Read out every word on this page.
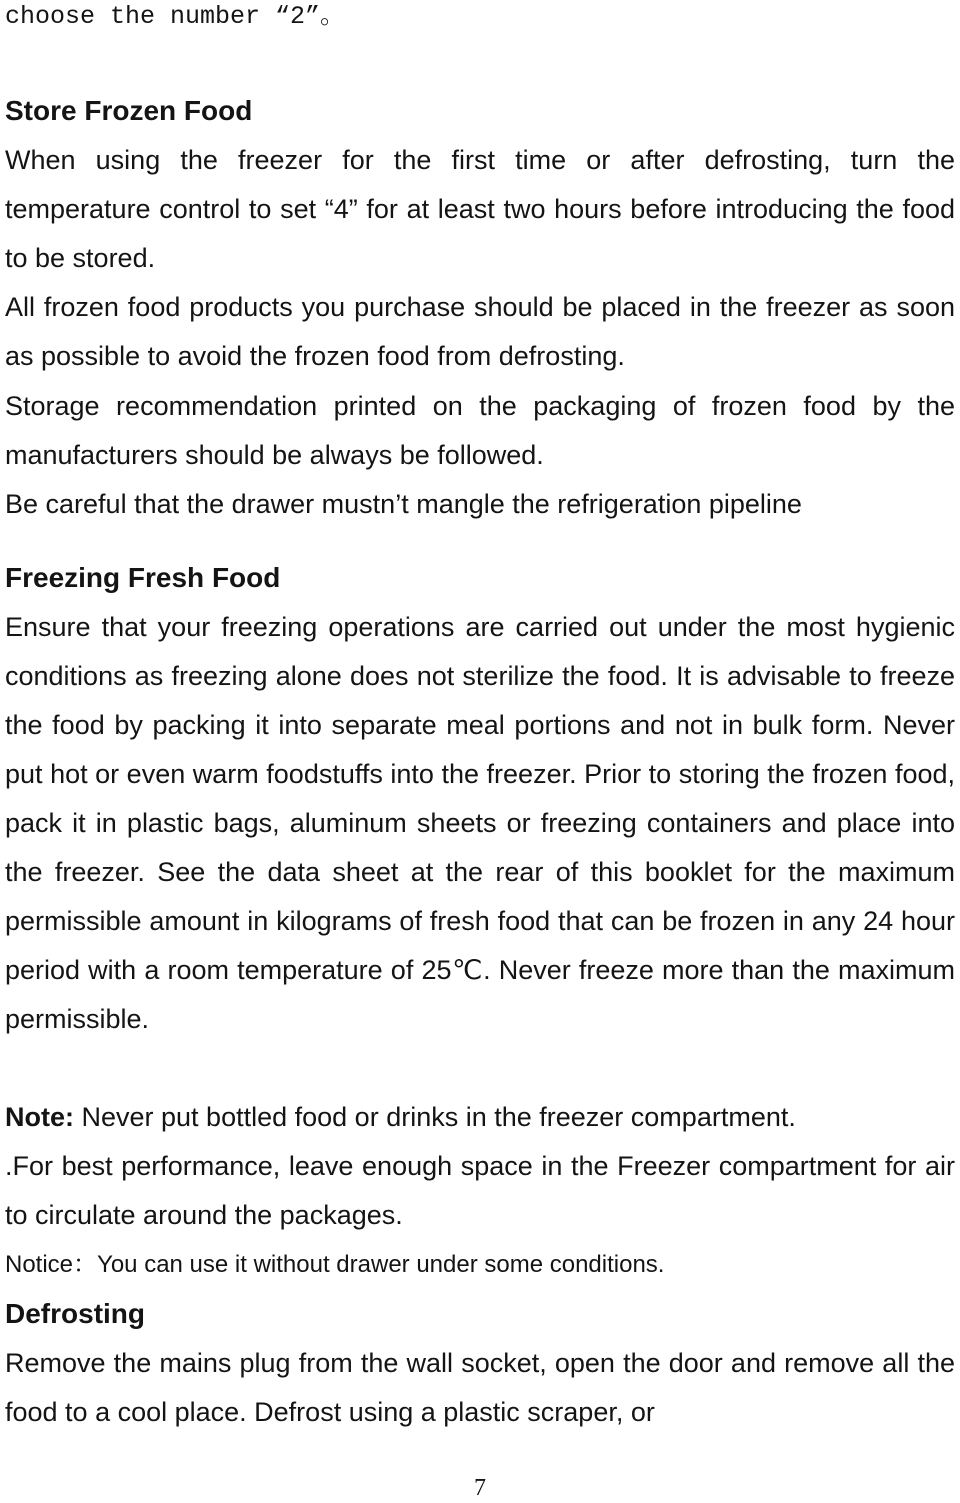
choose the number “2”。
Store Frozen Food
When using the freezer for the first time or after defrosting, turn the temperature control to set “4” for at least two hours before introducing the food to be stored.
All frozen food products you purchase should be placed in the freezer as soon as possible to avoid the frozen food from defrosting.
Storage recommendation printed on the packaging of frozen food by the manufacturers should be always be followed.
Be careful that the drawer mustn’t mangle the refrigeration pipeline
Freezing Fresh Food
Ensure that your freezing operations are carried out under the most hygienic conditions as freezing alone does not sterilize the food. It is advisable to freeze the food by packing it into separate meal portions and not in bulk form. Never put hot or even warm foodstuffs into the freezer. Prior to storing the frozen food, pack it in plastic bags, aluminum sheets or freezing containers and place into the freezer. See the data sheet at the rear of this booklet for the maximum permissible amount in kilograms of fresh food that can be frozen in any 24 hour period with a room temperature of 25℃. Never freeze more than the maximum permissible.
Note: Never put bottled food or drinks in the freezer compartment.
.For best performance, leave enough space in the Freezer compartment for air to circulate around the packages.
Notice：You can use it without drawer under some conditions.
Defrosting
Remove the mains plug from the wall socket, open the door and remove all the food to a cool place. Defrost using a plastic scraper, or
7
